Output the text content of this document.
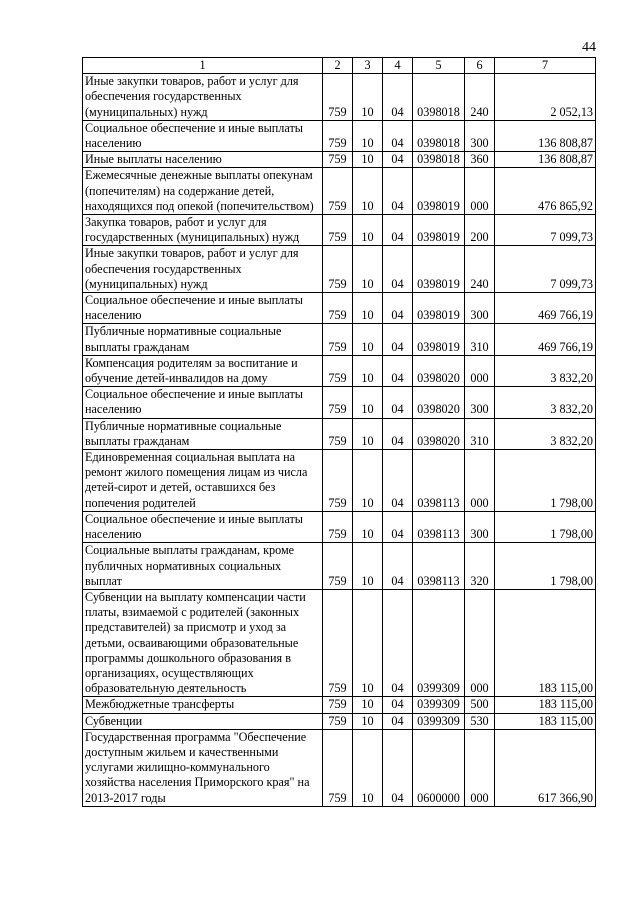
44
1	2	3	4	5	6	7
Иные закупки товаров, работ и услуг для обеспечения государственных (муниципальных) нужд	759	10	04	0398018	240	2 052,13
Социальное обеспечение и иные выплаты населению	759	10	04	0398018	300	136 808,87
Иные выплаты населению	759	10	04	0398018	360	136 808,87
Ежемесячные денежные выплаты опекунам (попечителям) на содержание детей, находящихся под опекой (попечительством)	759	10	04	0398019	000	476 865,92
Закупка товаров, работ и услуг для государственных (муниципальных) нужд	759	10	04	0398019	200	7 099,73
Иные закупки товаров, работ и услуг для обеспечения государственных (муниципальных) нужд	759	10	04	0398019	240	7 099,73
Социальное обеспечение и иные выплаты населению	759	10	04	0398019	300	469 766,19
Публичные нормативные социальные выплаты гражданам	759	10	04	0398019	310	469 766,19
Компенсация родителям за воспитание и обучение детей-инвалидов на дому	759	10	04	0398020	000	3 832,20
Социальное обеспечение и иные выплаты населению	759	10	04	0398020	300	3 832,20
Публичные нормативные социальные выплаты гражданам	759	10	04	0398020	310	3 832,20
Единовременная социальная выплата на ремонт жилого помещения лицам из числа детей-сирот и детей, оставшихся без попечения родителей	759	10	04	0398113	000	1 798,00
Социальное обеспечение и иные выплаты населению	759	10	04	0398113	300	1 798,00
Социальные выплаты гражданам, кроме публичных нормативных социальных выплат	759	10	04	0398113	320	1 798,00
Субвенции на выплату компенсации части платы, взимаемой с родителей (законных представителей) за присмотр и уход за детьми, осваивающими образовательные программы дошкольного образования в организациях, осуществляющих образовательную деятельность	759	10	04	0399309	000	183 115,00
Межбюджетные трансферты	759	10	04	0399309	500	183 115,00
Субвенции	759	10	04	0399309	530	183 115,00
Государственная программа "Обеспечение доступным жильем и качественными услугами жилищно-коммунального хозяйства населения Приморского края" на 2013-2017 годы	759	10	04	0600000	000	617 366,90
